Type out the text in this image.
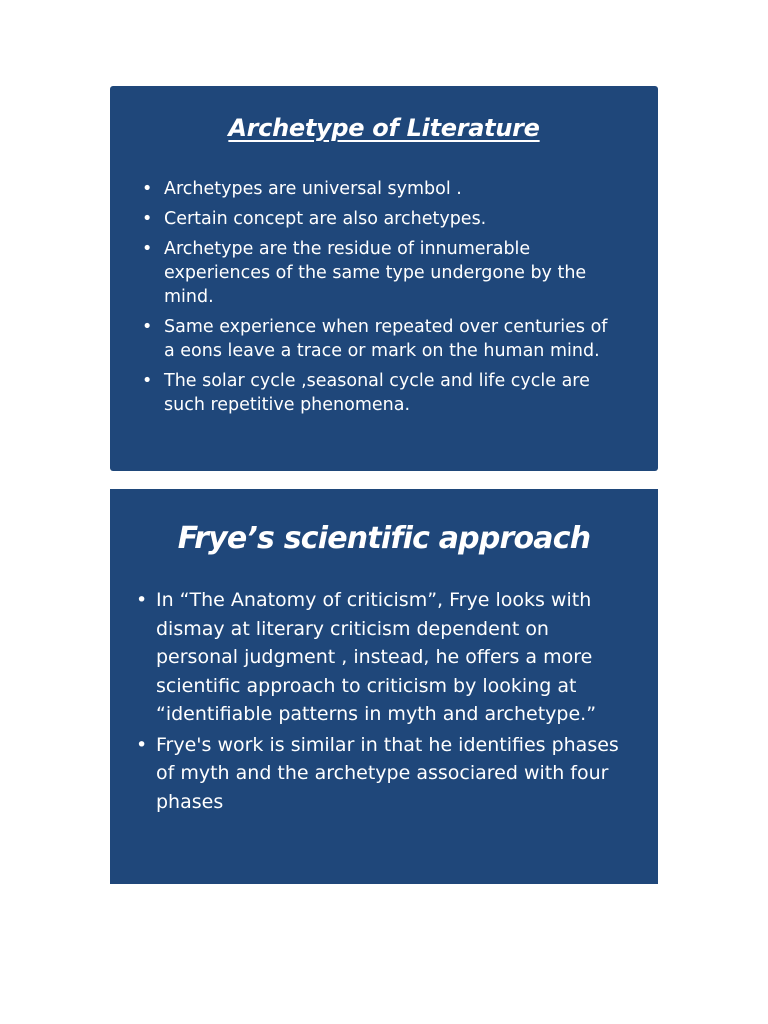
Archetype of Literature
• Archetypes are universal symbol .
• Certain concept are also archetypes.
• Archetype are the residue of innumerable experiences of the same type undergone by the mind.
• Same experience when repeated over centuries of a eons leave a trace or mark on the human mind.
• The solar cycle ,seasonal cycle and life cycle are such repetitive phenomena.
Frye’s scientific approach
• In “The Anatomy of criticism”, Frye looks with dismay at literary criticism dependent on personal judgment , instead, he offers a more scientific approach to criticism by looking at “identifiable patterns in myth and archetype.”
• Frye's work is similar in that he identifies phases of myth and the archetype associared with four phases
